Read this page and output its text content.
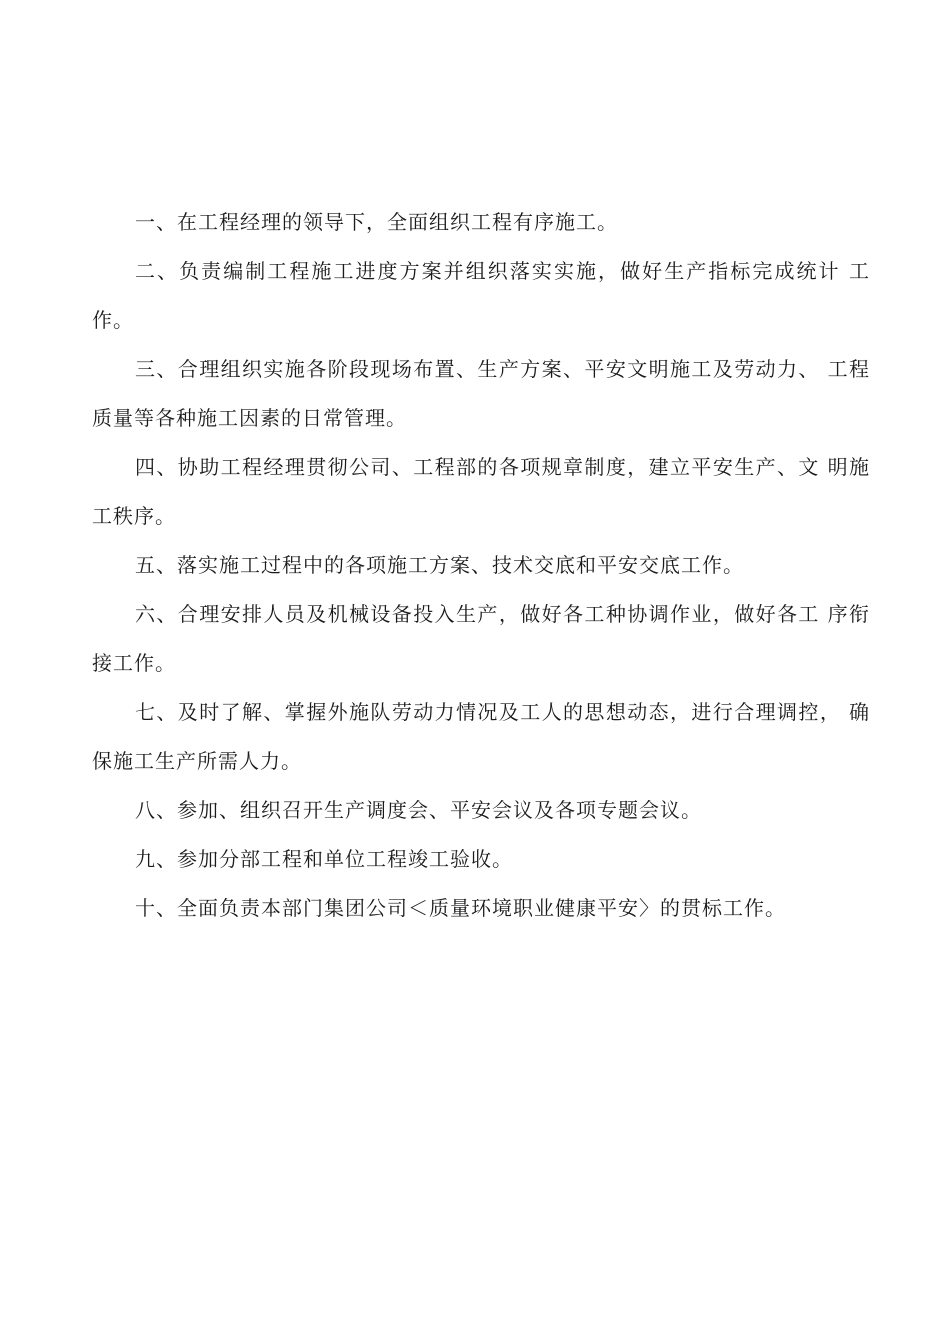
一、在工程经理的领导下，全面组织工程有序施工。

二、负责编制工程施工进度方案并组织落实实施，做好生产指标完成统计 工作。

三、合理组织实施各阶段现场布置、生产方案、平安文明施工及劳动力、 工程质量等各种施工因素的日常管理。

四、协助工程经理贯彻公司、工程部的各项规章制度，建立平安生产、文 明施工秩序。

五、落实施工过程中的各项施工方案、技术交底和平安交底工作。

六、合理安排人员及机械设备投入生产，做好各工种协调作业，做好各工 序衔接工作。

七、及时了解、掌握外施队劳动力情况及工人的思想动态，进行合理调控， 确保施工生产所需人力。

八、参加、组织召开生产调度会、平安会议及各项专题会议。

九、参加分部工程和单位工程竣工验收。

十、全面负责本部门集团公司＜质量环境职业健康平安〉的贯标工作。
